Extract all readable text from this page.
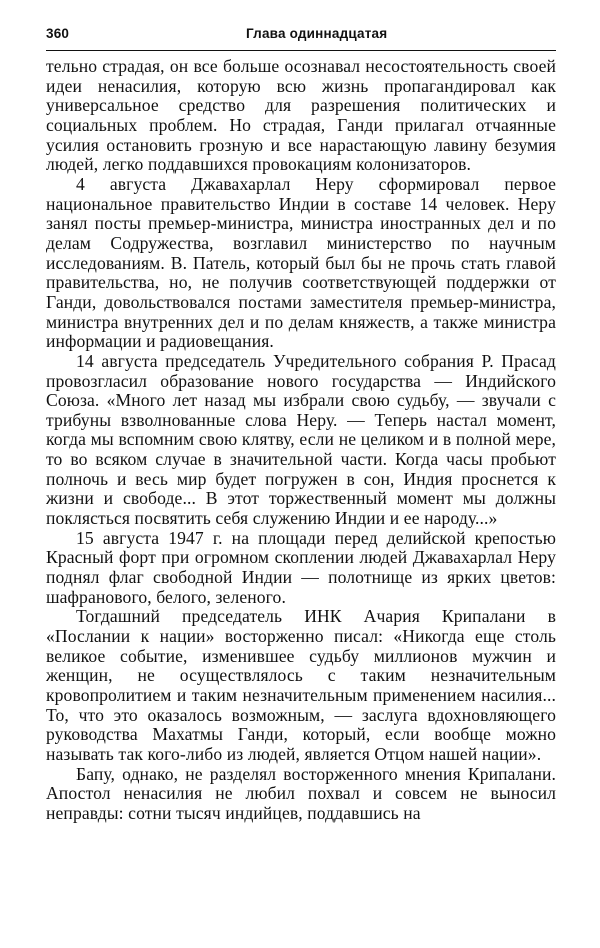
360	Глава одиннадцатая

тельно страдая, он все больше осознавал несостоятельность своей идеи ненасилия, которую всю жизнь пропагандировал как универсальное средство для разрешения политических и социальных проблем. Но страдая, Ганди прилагал отчаянные усилия остановить грозную и все нарастающую лавину безумия людей, легко поддавшихся провокациям колонизаторов.

4 августа Джавахарлал Неру сформировал первое национальное правительство Индии в составе 14 человек. Неру занял посты премьер-министра, министра иностранных дел и по делам Содружества, возглавил министерство по научным исследованиям. В. Патель, который был бы не прочь стать главой правительства, но, не получив соответствующей поддержки от Ганди, довольствовался постами заместителя премьер-министра, министра внутренних дел и по делам княжеств, а также министра информации и радиовещания.

14 августа председатель Учредительного собрания Р. Прасад провозгласил образование нового государства — Индийского Союза. «Много лет назад мы избрали свою судьбу, — звучали с трибуны взволнованные слова Неру. — Теперь настал момент, когда мы вспомним свою клятву, если не целиком и в полной мере, то во всяком случае в значительной части. Когда часы пробьют полночь и весь мир будет погружен в сон, Индия проснется к жизни и свободе... В этот торжественный момент мы должны поклясться посвятить себя служению Индии и ее народу...»

15 августа 1947 г. на площади перед делийской крепостью Красный форт при огромном скоплении людей Джавахарлал Неру поднял флаг свободной Индии — полотнище из ярких цветов: шафранового, белого, зеленого.

Тогдашний председатель ИНК Ачария Крипалани в «Послании к нации» восторженно писал: «Никогда еще столь великое событие, изменившее судьбу миллионов мужчин и женщин, не осуществлялось с таким незначительным кровопролитием и таким незначительным применением насилия... То, что это оказалось возможным, — заслуга вдохновляющего руководства Махатмы Ганди, который, если вообще можно называть так кого-либо из людей, является Отцом нашей нации».

Бапу, однако, не разделял восторженного мнения Крипалани. Апостол ненасилия не любил похвал и совсем не выносил неправды: сотни тысяч индийцев, поддавшись на
